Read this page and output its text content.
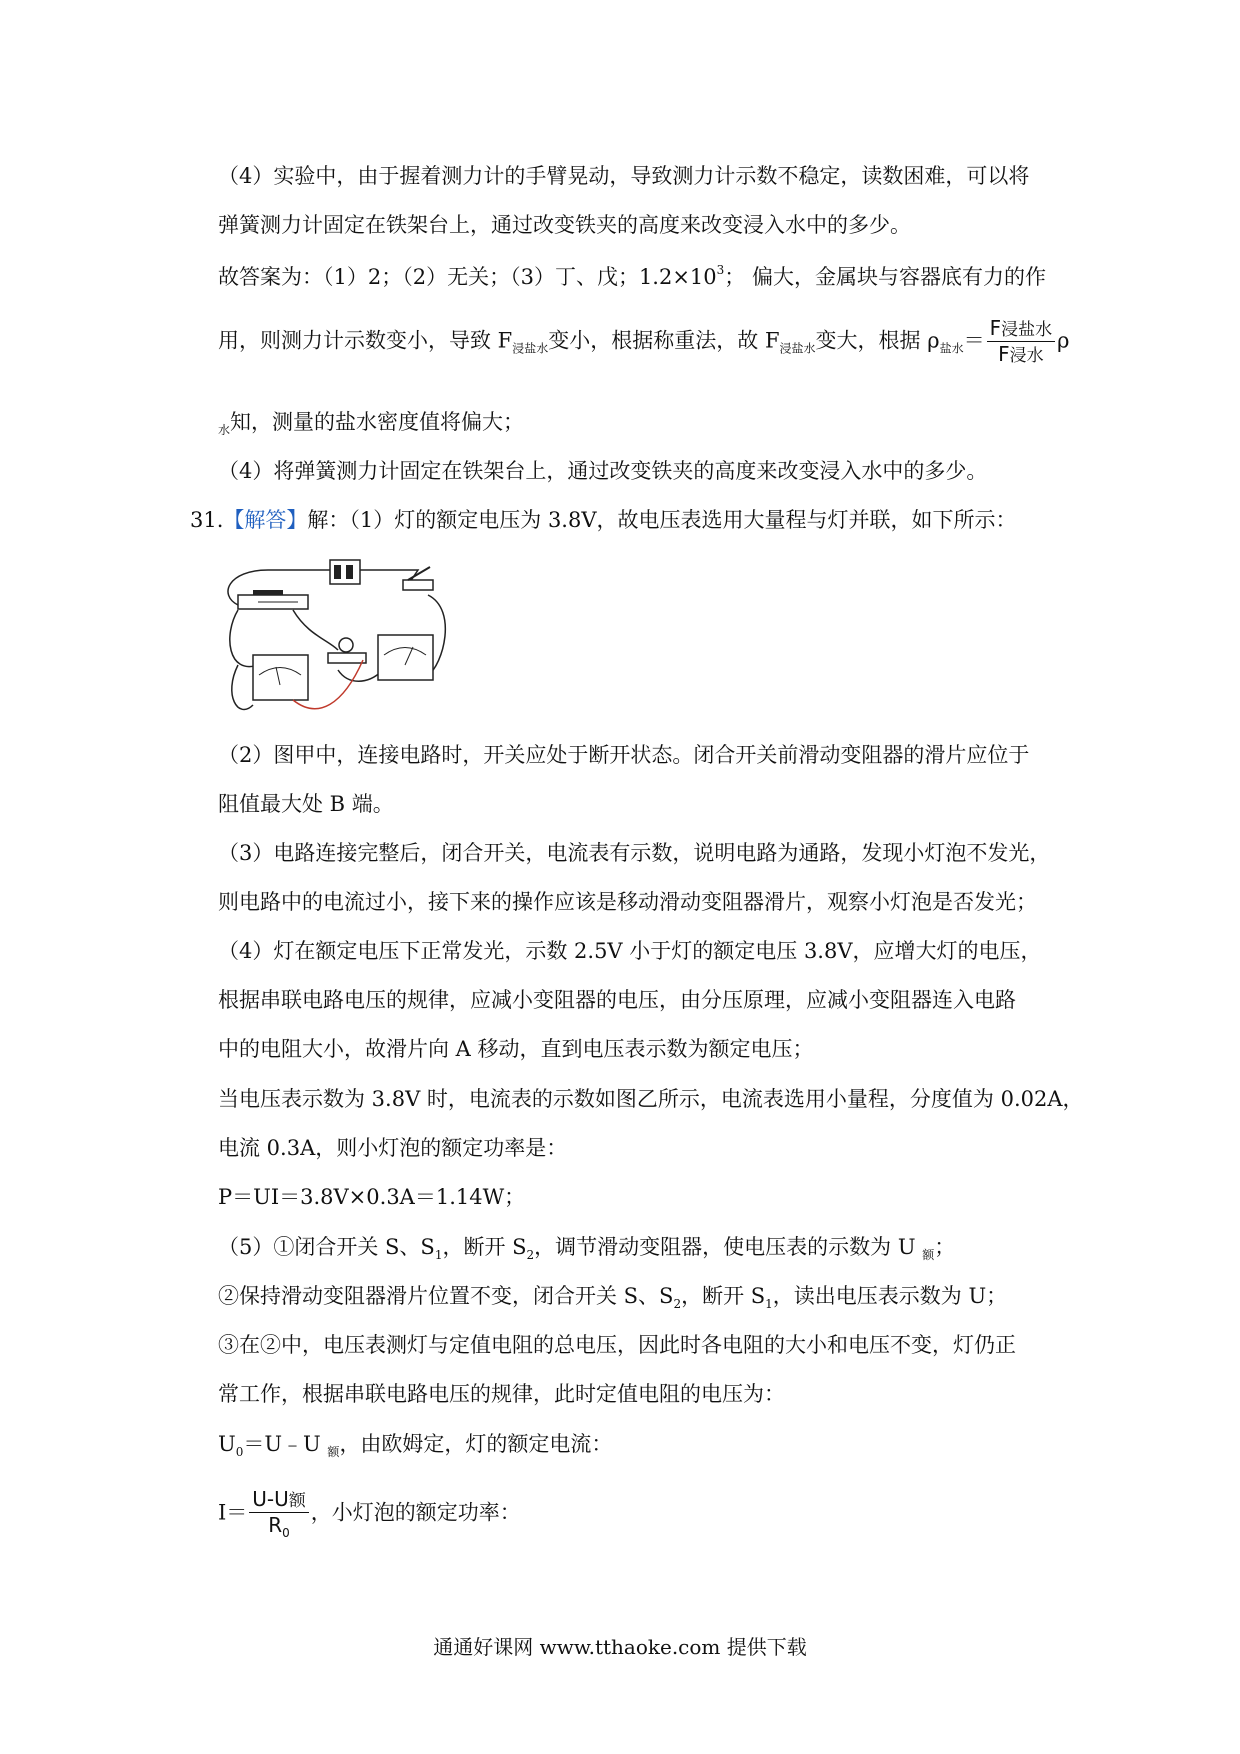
（4）实验中，由于握着测力计的手臂晃动，导致测力计示数不稳定，读数困难，可以将
弹簧测力计固定在铁架台上，通过改变铁夹的高度来改变浸入水中的多少。
故答案为：（1）2；（2）无关；（3）丁、戊；$1.2\times 10^3$； 偏大，金属块与容器底有力的作
用，则测力计示数变小，导致 $F_{浸盐水}$变小，根据称重法，故 $F_{浸盐水}$变大，根据 $\rho_{盐水}= \frac{\text{F浸盐水}}{\text{F浸水}}$ ρ
$_水$知，测量的盐水密度值将偏大；
（4）将弹簧测力计固定在铁架台上，通过改变铁夹的高度来改变浸入水中的多少。
31.【解答】解：（1）灯的额定电压为 3.8V，故电压表选用大量程与灯并联，如下所示：
（2）图甲中，连接电路时，开关应处于断开状态。闭合开关前滑动变阻器的滑片应位于
阻值最大处 B 端。
（3）电路连接完整后，闭合开关，电流表有示数，说明电路为通路，发现小灯泡不发光，
则电路中的电流过小，接下来的操作应该是移动滑动变阻器滑片，观察小灯泡是否发光；
（4）灯在额定电压下正常发光，示数 2.5V 小于灯的额定电压 3.8V，应增大灯的电压，
根据串联电路电压的规律，应减小变阻器的电压，由分压原理，应减小变阻器连入电路
中的电阻大小，故滑片向 A 移动，直到电压表示数为额定电压；
当电压表示数为 3.8V 时，电流表的示数如图乙所示，电流表选用小量程，分度值为 0.02A，
电流 0.3A，则小灯泡的额定功率是：
P＝UI＝3.8V×0.3A＝1.14W；
（5）①闭合开关 S、$S_1$，断开 $S_2$，调节滑动变阻器，使电压表的示数为 U $_额$；
②保持滑动变阻器滑片位置不变，闭合开关 S、$S_2$，断开 $S_1$，读出电压表示数为 U；
③在②中，电压表测灯与定值电阻的总电压，因此时各电阻的大小和电压不变，灯仍正
常工作，根据串联电路电压的规律，此时定值电阻的电压为：
$U_0=U﹣U$ $_额$，由欧姆定，灯的额定电流：
$I= \frac{\text{U-U额}}{R_0}$ ，小灯泡的额定功率：
通通好课网 www.tthaoke.com 提供下载
